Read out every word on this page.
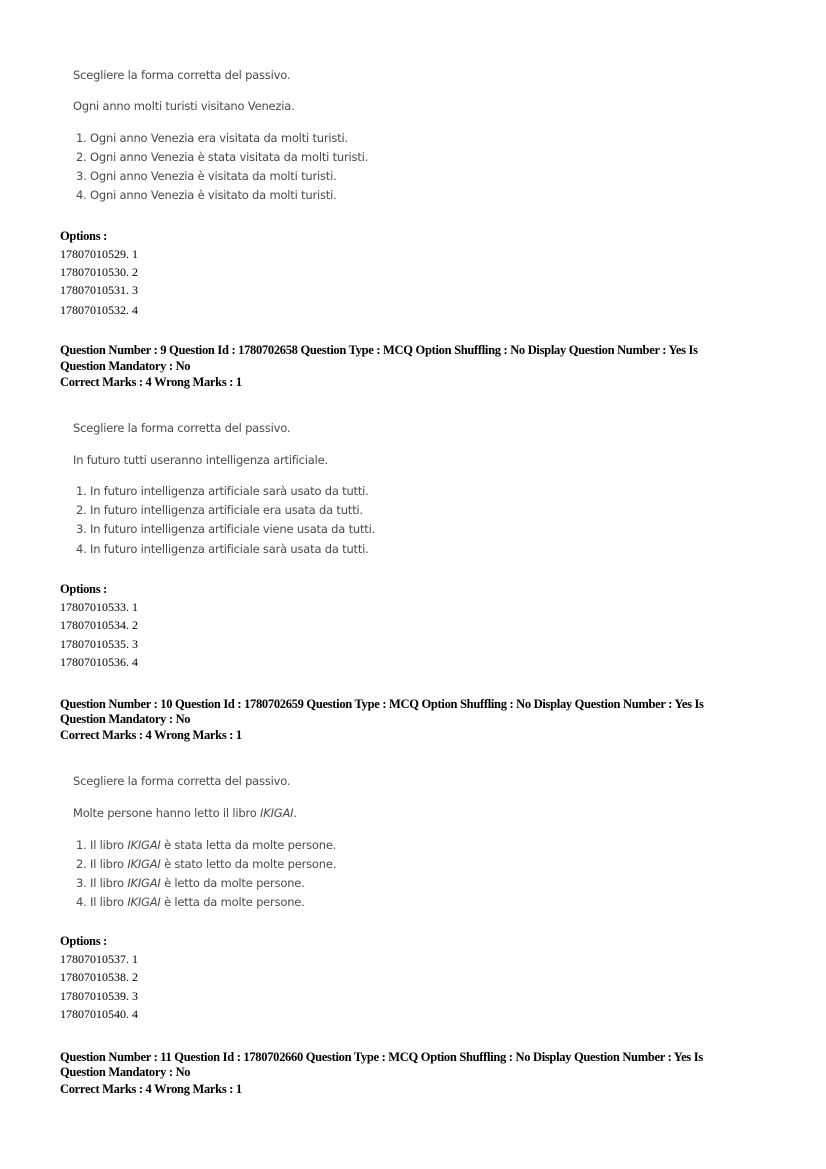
Scegliere la forma corretta del passivo.
Ogni anno molti turisti visitano Venezia.
1. Ogni anno Venezia era visitata da molti turisti.
2. Ogni anno Venezia è stata visitata da molti turisti.
3. Ogni anno Venezia è visitata da molti turisti.
4. Ogni anno Venezia è visitato da molti turisti.
Options :
17807010529. 1
17807010530. 2
17807010531. 3
17807010532. 4
Question Number : 9 Question Id : 1780702658 Question Type : MCQ Option Shuffling : No Display Question Number : Yes Is
Question Mandatory : No
Correct Marks : 4 Wrong Marks : 1
Scegliere la forma corretta del passivo.
In futuro tutti useranno intelligenza artificiale.
1. In futuro intelligenza artificiale sarà usato da tutti.
2. In futuro intelligenza artificiale era usata da tutti.
3. In futuro intelligenza artificiale viene usata da tutti.
4. In futuro intelligenza artificiale sarà usata da tutti.
Options :
17807010533. 1
17807010534. 2
17807010535. 3
17807010536. 4
Question Number : 10 Question Id : 1780702659 Question Type : MCQ Option Shuffling : No Display Question Number : Yes Is
Question Mandatory : No
Correct Marks : 4 Wrong Marks : 1
Scegliere la forma corretta del passivo.
Molte persone hanno letto il libro IKIGAI.
1. Il libro IKIGAI è stata letta da molte persone.
2. Il libro IKIGAI è stato letto da molte persone.
3. Il libro IKIGAI è letto da molte persone.
4. Il libro IKIGAI è letta da molte persone.
Options :
17807010537. 1
17807010538. 2
17807010539. 3
17807010540. 4
Question Number : 11 Question Id : 1780702660 Question Type : MCQ Option Shuffling : No Display Question Number : Yes Is
Question Mandatory : No
Correct Marks : 4 Wrong Marks : 1
